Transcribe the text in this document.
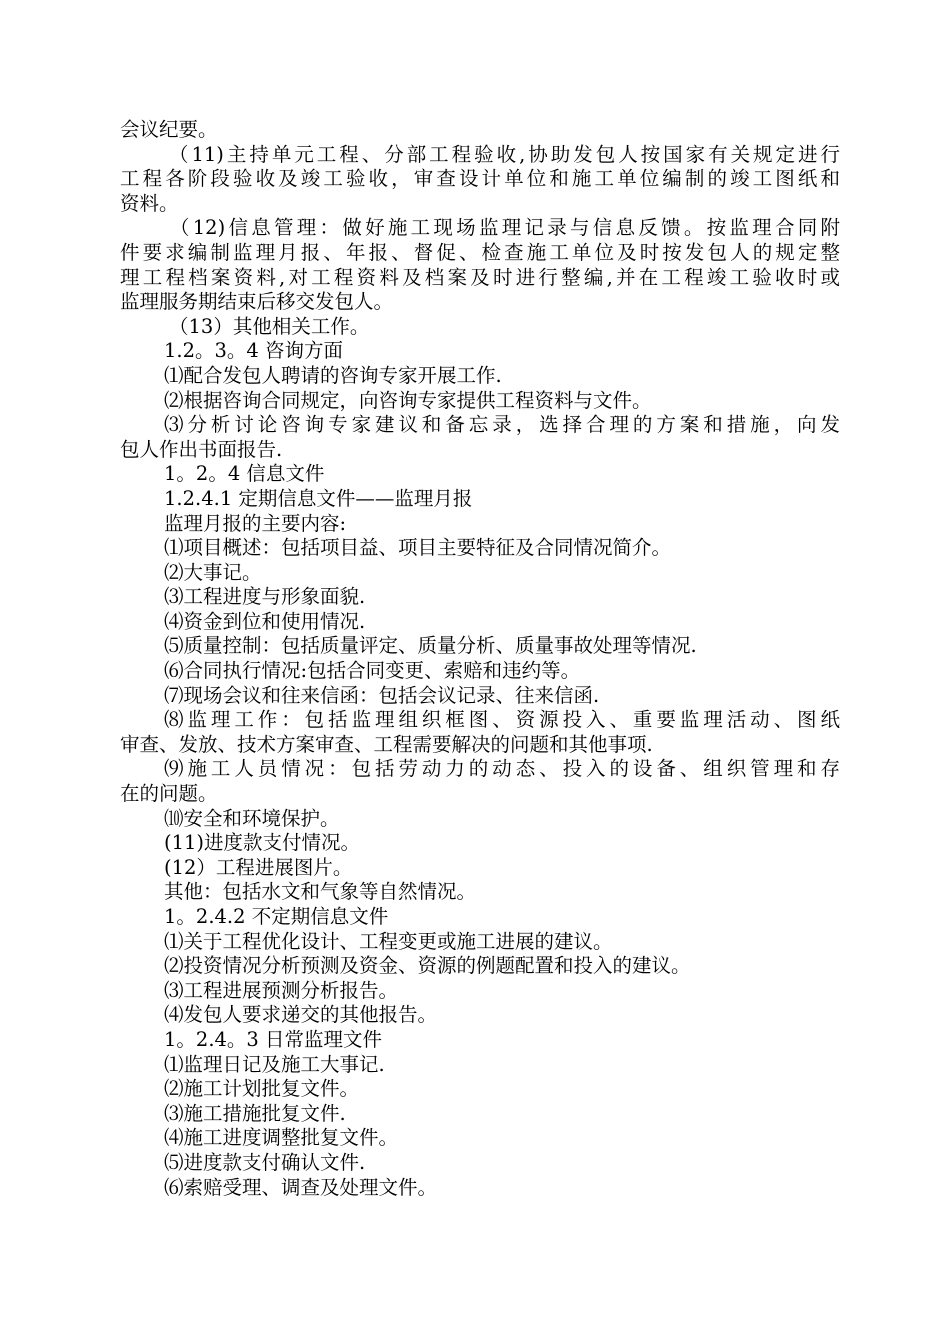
会议纪要。
（11)主持单元工程、分部工程验收,协助发包人按国家有关规定进行
工程各阶段验收及竣工验收，审查设计单位和施工单位编制的竣工图纸和
资料。
（12)信息管理：做好施工现场监理记录与信息反馈。按监理合同附
件要求编制监理月报、年报、督促、检查施工单位及时按发包人的规定整
理工程档案资料,对工程资料及档案及时进行整编,并在工程竣工验收时或
监理服务期结束后移交发包人。
（13）其他相关工作。
1.2。3。4 咨询方面
⑴配合发包人聘请的咨询专家开展工作.
⑵根据咨询合同规定，向咨询专家提供工程资料与文件。
⑶分析讨论咨询专家建议和备忘录，选择合理的方案和措施，向发
包人作出书面报告.
1。2。4 信息文件
1.2.4.1 定期信息文件——监理月报
监理月报的主要内容:
⑴项目概述：包括项目益、项目主要特征及合同情况简介。
⑵大事记。
⑶工程进度与形象面貌.
⑷资金到位和使用情况.
⑸质量控制：包括质量评定、质量分析、质量事故处理等情况.
⑹合同执行情况:包括合同变更、索赔和违约等。
⑺现场会议和往来信函：包括会议记录、往来信函.
⑻监理工作：包括监理组织框图、资源投入、重要监理活动、图纸
审查、发放、技术方案审查、工程需要解决的问题和其他事项.
⑼施工人员情况：包括劳动力的动态、投入的设备、组织管理和存
在的问题。
⑽安全和环境保护。
(11)进度款支付情况。
(12）工程进展图片。
其他：包括水文和气象等自然情况。
1。2.4.2 不定期信息文件
⑴关于工程优化设计、工程变更或施工进展的建议。
⑵投资情况分析预测及资金、资源的例题配置和投入的建议。
⑶工程进展预测分析报告。
⑷发包人要求递交的其他报告。
1。2.4。3 日常监理文件
⑴监理日记及施工大事记.
⑵施工计划批复文件。
⑶施工措施批复文件.
⑷施工进度调整批复文件。
⑸进度款支付确认文件.
⑹索赔受理、调查及处理文件。
